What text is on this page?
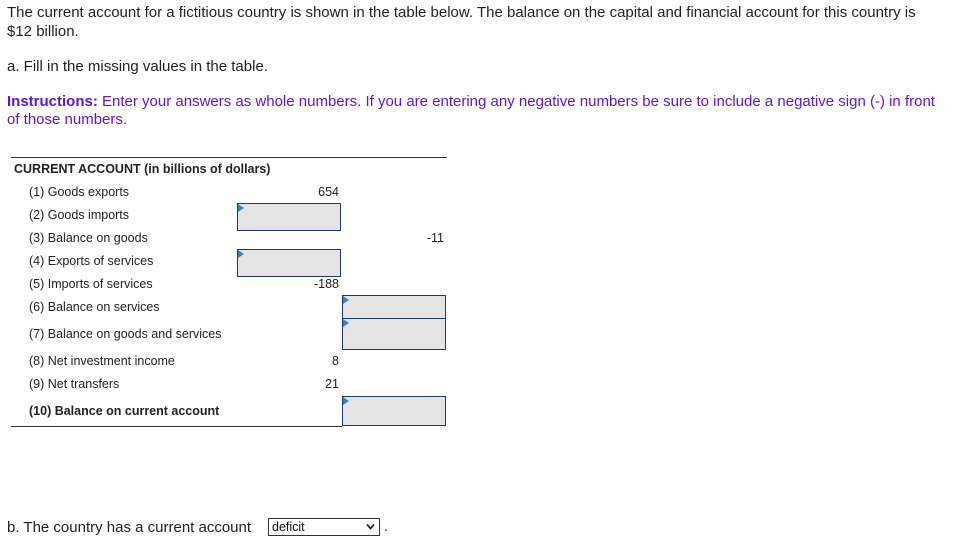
The current account for a fictitious country is shown in the table below. The balance on the capital and financial account for this country is $12 billion.
a. Fill in the missing values in the table.
Instructions: Enter your answers as whole numbers. If you are entering any negative numbers be sure to include a negative sign (-) in front of those numbers.
CURRENT ACCOUNT (in billions of dollars)
(1) Goods exports	654
(2) Goods imports
(3) Balance on goods	-11
(4) Exports of services
(5) Imports of services	-188
(6) Balance on services
(7) Balance on goods and services
(8) Net investment income	8
(9) Net transfers	21
(10) Balance on current account
b. The country has a current account deficit	.
